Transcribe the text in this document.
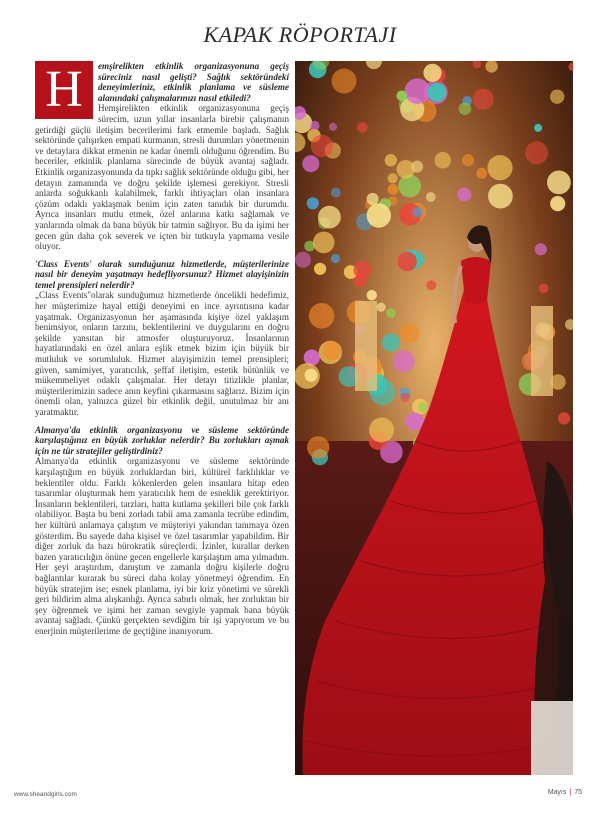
KAPAK RÖPORTAJI
H	emşirelikten etkinlik organizasyonuna geçiş süreciniz nasıl gelişti? Sağlık sektöründeki deneyimleriniz, etkinlik planlama ve süsleme alanındaki çalışmalarınızı nasıl etkiledi?
Hemşirelikten etkinlik organizasyonuna geçiş sürecim, uzun yıllar insanlarla birebir çalışmanın getirdiği güçlü iletişim becerilerimi fark etmemle başladı. Sağlık sektöründe çalışırken empati kurmanın, stresli durumları yönetmenin ve detaylara dikkat etmenin ne kadar önemli olduğunu öğrendim. Bu beceriler, etkinlik planlama sürecinde de büyük avantaj sağladı. Etkinlik organizasyonunda da tıpkı sağlık sektöründe olduğu gibi, her detayın zamanında ve doğru şekilde işlemesi gerekiyor. Stresli anlarda soğukkanlı kalabilmek, farklı ihtiyaçları olan insanlara çözüm odaklı yaklaşmak benim için zaten tanıdık bir durumdu. Ayrıca insanları mutlu etmek, özel anlarına katkı sağlamak ve yanlarında olmak da bana büyük bir tatmin sağlıyor. Bu da işimi her gecen gün daha çok severek ve içten bir tutkuyla yapmama vesile oluyor.

'Class Events' olarak sunduğunuz hizmetlerde, müşterilerinize nasıl bir deneyim yaşatmayı hedefliyorsunuz? Hizmet alayişinizin temel prensipleri nelerdir?
„Class Events"olarak sunduğumuz hizmetlerde öncelikli hedefimiz, her müşterimize hayal ettiği deneyimi en ince ayrıntısına kadar yaşatmak. Organizasyonun her aşamasında kişiye özel yaklaşım benimsiyor, onların tarzını, beklentilerini ve duygularını en doğru şekilde yansıtan bir atmosfer oluşturuyoruz. İnsanlarının hayatlarındaki en özel anlara eşlik etmek bizim için büyük bir mutluluk ve sorumluluk. Hizmet alayişimizin temel prensipleri; güven, samimiyet, yaratıcılık, şeffaf iletişim, estetik bütünlük ve mükemmeliyet odaklı çalışmalar. Her detayı titizlikle planlar, müşterilerimizin sadece anın keyfini çıkarmasını sağlarız. Bizim için önemli olan, yalnızca güzel bir etkinlik değil, unutulmaz bir anı yaratmaktır.

Almanya'da etkinlik organizasyonu ve süsleme sektöründe karşılaştığınız en büyük zorluklar nelerdir? Bu zorlukları aşmak için ne tür stratejiler geliştirdiniz?
Almanya'da etkinlik organizasyonu ve süsleme sektöründe karşılaştığım en büyük zorluklardan biri, kültürel farklılıklar ve beklentiler oldu. Farklı kökenlerden gelen insanlara hitap eden tasarımlar oluşturmak hem yaratıcılık hem de esneklik gerektiriyor. İnsanların beklentileri, tarzları, hatta kutlama şekilleri bile çok farklı olabiliyor. Başta bu beni zorladı tabii ama zamanla tecrübe edindim, her kültürü anlamaya çalıştım ve müşteriyi yakından tanımaya özen gösterdim. Bu sayede daha kişisel ve özel tasarımlar yapabildim. Bir diğer zorluk da bazı bürokratik süreçlerdi. İzinler, kurallar derken bazen yaratıcılığın önüne gecen engellerle karşılaştım ama yılmadım. Her şeyi araştırdım, danıştım ve zamanla doğru kişilerle doğru bağlantılar kurarak bu süreci daha kolay yönetmeyi öğrendim. En büyük stratejim ise; esnek planlama, iyi bir kriz yönetimi ve sürekli geri bildirim alma alışkanlığı. Ayrıca sabırlı olmak, her zorluktan bir şey öğrenmek ve işimi her zaman sevgiyle yapmak bana büyük avantaj sağladı. Çünkü gerçekten sevdiğim bir işi yapıyorum ve bu enerjinin müşterilerime de geçtiğine inanıyorum.

www.sheandgirls.com	Mayıs | 75
